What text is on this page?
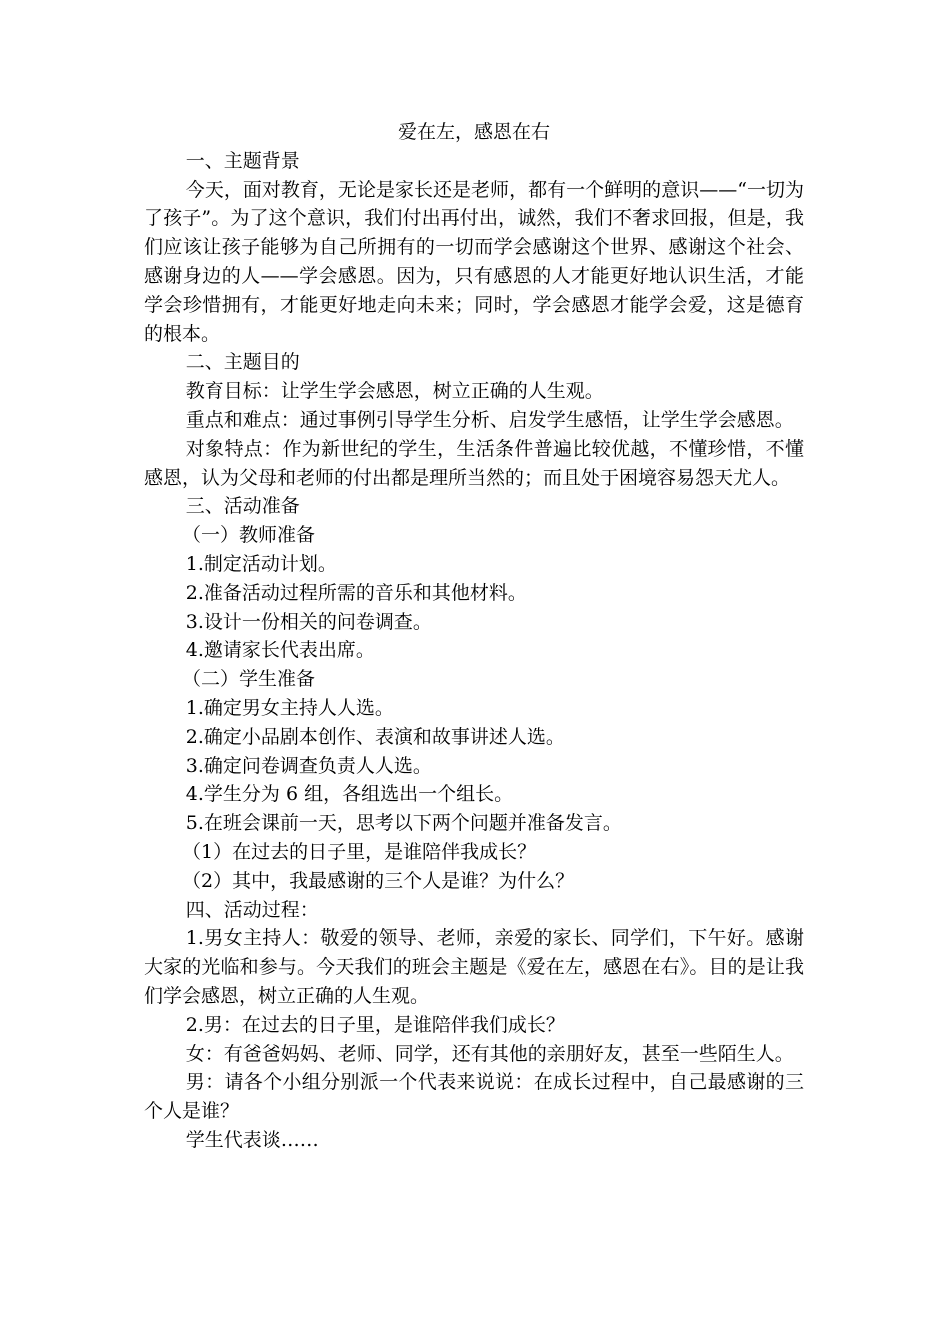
爱在左，感恩在右

一、主题背景

今天，面对教育，无论是家长还是老师，都有一个鲜明的意识——“一切为了孩子”。为了这个意识，我们付出再付出，诚然，我们不奢求回报，但是，我们应该让孩子能够为自己所拥有的一切而学会感谢这个世界、感谢这个社会、感谢身边的人——学会感恩。因为，只有感恩的人才能更好地认识生活，才能学会珍惜拥有，才能更好地走向未来；同时，学会感恩才能学会爱，这是德育的根本。

二、主题目的

教育目标：让学生学会感恩，树立正确的人生观。

重点和难点：通过事例引导学生分析、启发学生感悟，让学生学会感恩。

对象特点：作为新世纪的学生，生活条件普遍比较优越，不懂珍惜，不懂感恩，认为父母和老师的付出都是理所当然的；而且处于困境容易怨天尤人。

三、活动准备

（一）教师准备

1.制定活动计划。

2.准备活动过程所需的音乐和其他材料。

3.设计一份相关的问卷调查。

4.邀请家长代表出席。

（二）学生准备

1.确定男女主持人人选。

2.确定小品剧本创作、表演和故事讲述人选。

3.确定问卷调查负责人人选。

4.学生分为 6 组，各组选出一个组长。

5.在班会课前一天，思考以下两个问题并准备发言。

（1）在过去的日子里，是谁陪伴我成长？

（2）其中，我最感谢的三个人是谁？为什么？

四、活动过程：

1.男女主持人：敬爱的领导、老师，亲爱的家长、同学们，下午好。感谢大家的光临和参与。今天我们的班会主题是《爱在左，感恩在右》。目的是让我们学会感恩，树立正确的人生观。

2.男：在过去的日子里，是谁陪伴我们成长？

女：有爸爸妈妈、老师、同学，还有其他的亲朋好友，甚至一些陌生人。

男：请各个小组分别派一个代表来说说：在成长过程中，自己最感谢的三个人是谁？

学生代表谈……
